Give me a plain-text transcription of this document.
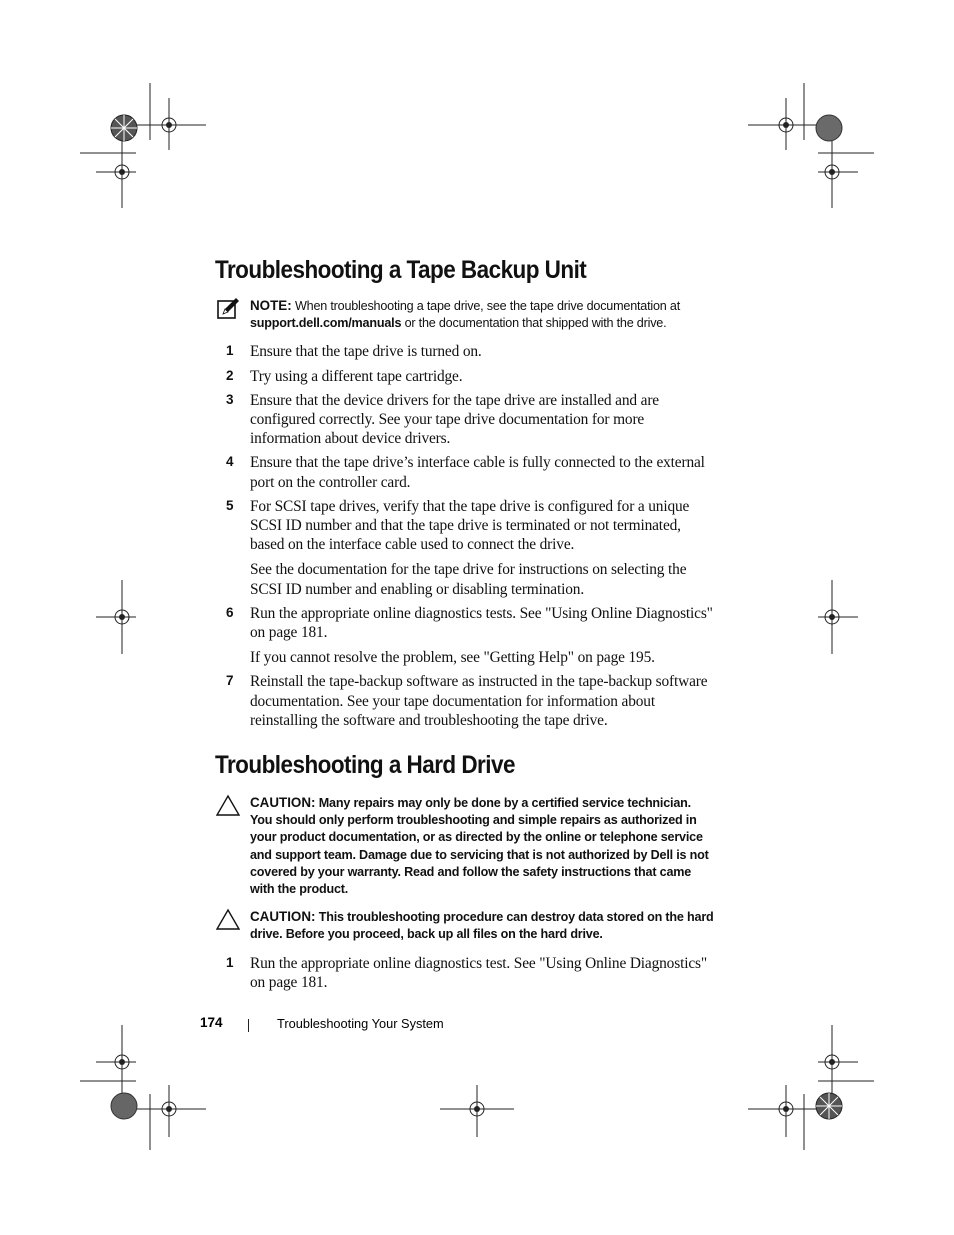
Troubleshooting a Tape Backup Unit

NOTE: When troubleshooting a tape drive, see the tape drive documentation at support.dell.com/manuals or the documentation that shipped with the drive.

1 Ensure that the tape drive is turned on.

2 Try using a different tape cartridge.

3 Ensure that the device drivers for the tape drive are installed and are configured correctly. See your tape drive documentation for more information about device drivers.

4 Ensure that the tape drive’s interface cable is fully connected to the external port on the controller card.

5 For SCSI tape drives, verify that the tape drive is configured for a unique SCSI ID number and that the tape drive is terminated or not terminated, based on the interface cable used to connect the drive.

See the documentation for the tape drive for instructions on selecting the SCSI ID number and enabling or disabling termination.

6 Run the appropriate online diagnostics tests. See "Using Online Diagnostics" on page 181.

If you cannot resolve the problem, see "Getting Help" on page 195.

7 Reinstall the tape-backup software as instructed in the tape-backup software documentation. See your tape documentation for information about reinstalling the software and troubleshooting the tape drive.

Troubleshooting a Hard Drive

CAUTION: Many repairs may only be done by a certified service technician. You should only perform troubleshooting and simple repairs as authorized in your product documentation, or as directed by the online or telephone service and support team. Damage due to servicing that is not authorized by Dell is not covered by your warranty. Read and follow the safety instructions that came with the product.

CAUTION: This troubleshooting procedure can destroy data stored on the hard drive. Before you proceed, back up all files on the hard drive.

1 Run the appropriate online diagnostics test. See "Using Online Diagnostics" on page 181.

174	Troubleshooting Your System
